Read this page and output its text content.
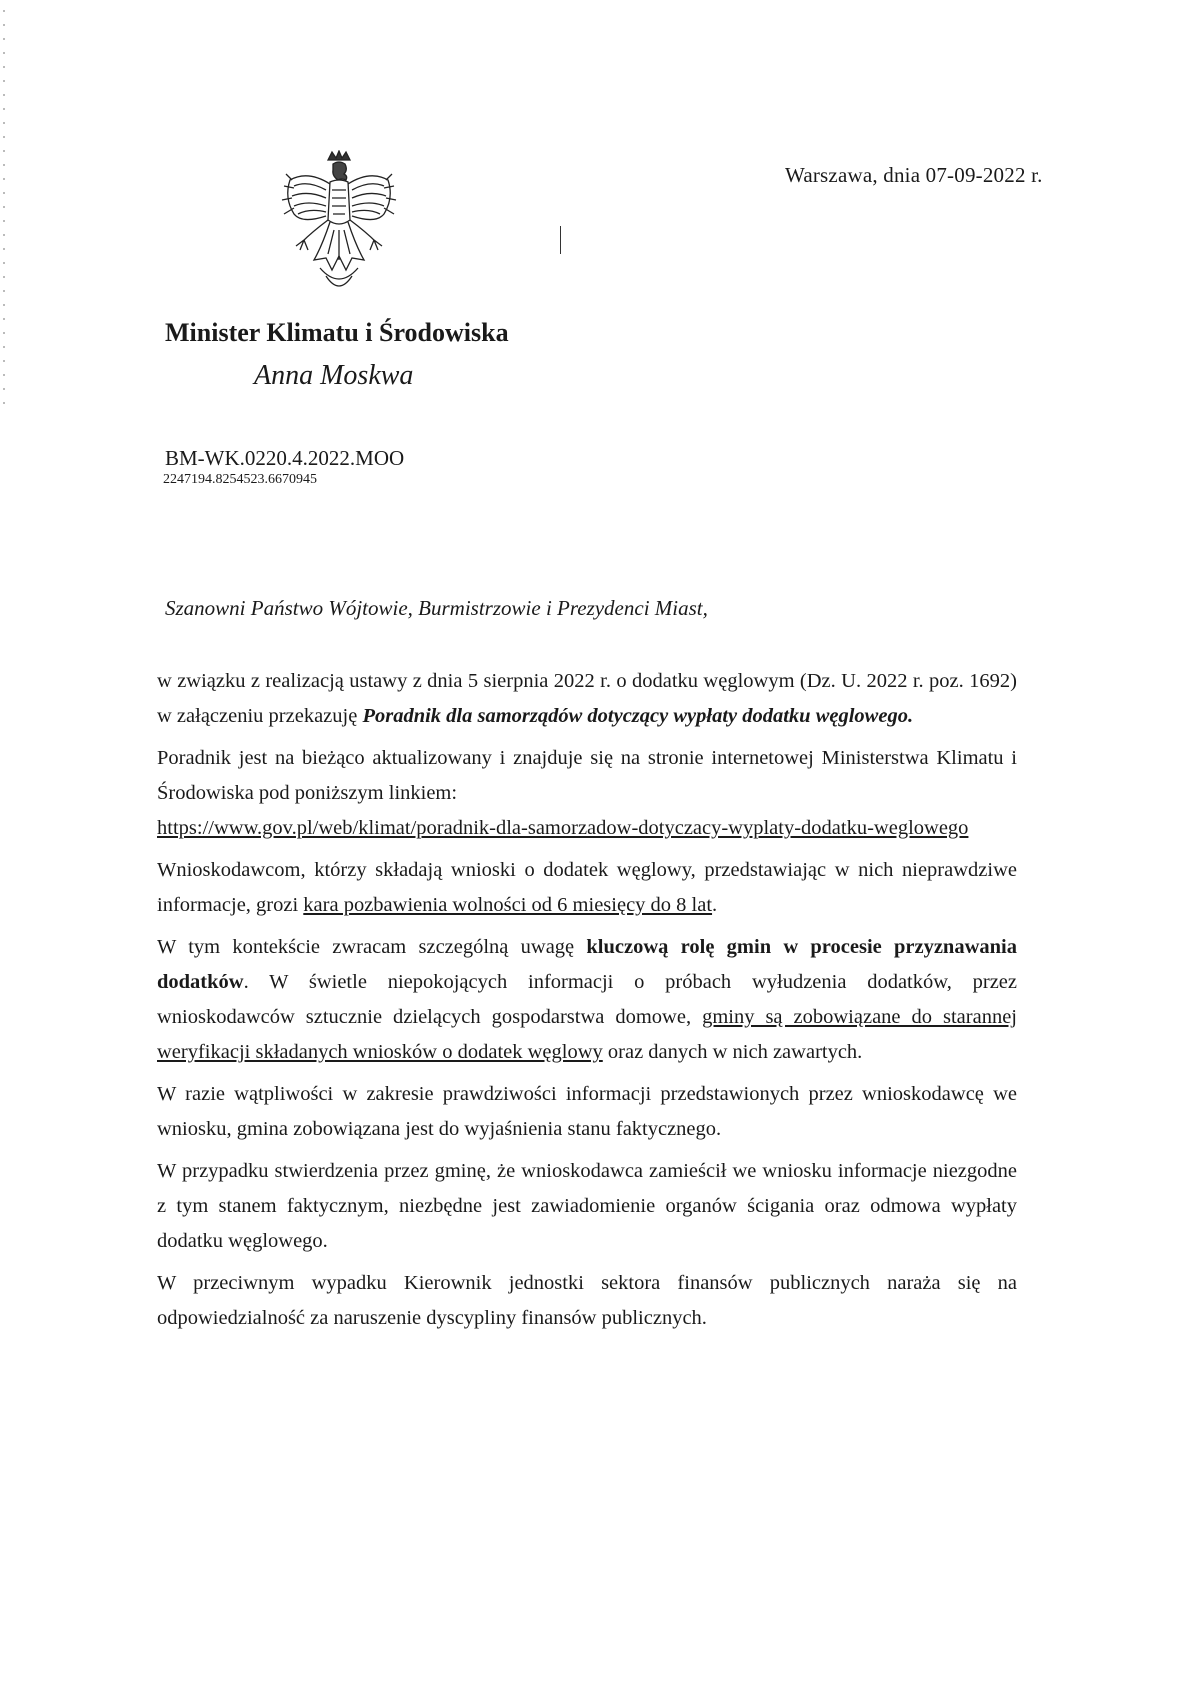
Warszawa, dnia 07-09-2022 r.
Minister Klimatu i Środowiska
Anna Moskwa
BM-WK.0220.4.2022.MOO
2247194.8254523.6670945
Szanowni Państwo Wójtowie, Burmistrzowie i Prezydenci Miast,

w związku z realizacją ustawy z dnia 5 sierpnia 2022 r. o dodatku węglowym (Dz. U. 2022 r. poz. 1692) w załączeniu przekazuję Poradnik dla samorządów dotyczący wypłaty dodatku węglowego.

Poradnik jest na bieżąco aktualizowany i znajduje się na stronie internetowej Ministerstwa Klimatu i Środowiska pod poniższym linkiem:
https://www.gov.pl/web/klimat/poradnik-dla-samorzadow-dotyczacy-wyplaty-dodatku-weglowego

Wnioskodawcom, którzy składają wnioski o dodatek węglowy, przedstawiając w nich nieprawdziwe informacje, grozi kara pozbawienia wolności od 6 miesięcy do 8 lat.

W tym kontekście zwracam szczególną uwagę kluczową rolę gmin w procesie przyznawania dodatków. W świetle niepokojących informacji o próbach wyłudzenia dodatków, przez wnioskodawców sztucznie dzielących gospodarstwa domowe, gminy są zobowiązane do starannej weryfikacji składanych wniosków o dodatek węglowy oraz danych w nich zawartych.

W razie wątpliwości w zakresie prawdziwości informacji przedstawionych przez wnioskodawcę we wniosku, gmina zobowiązana jest do wyjaśnienia stanu faktycznego.

W przypadku stwierdzenia przez gminę, że wnioskodawca zamieścił we wniosku informacje niezgodne z tym stanem faktycznym, niezbędne jest zawiadomienie organów ścigania oraz odmowa wypłaty dodatku węglowego.

W przeciwnym wypadku Kierownik jednostki sektora finansów publicznych naraża się na odpowiedzialność za naruszenie dyscypliny finansów publicznych.
